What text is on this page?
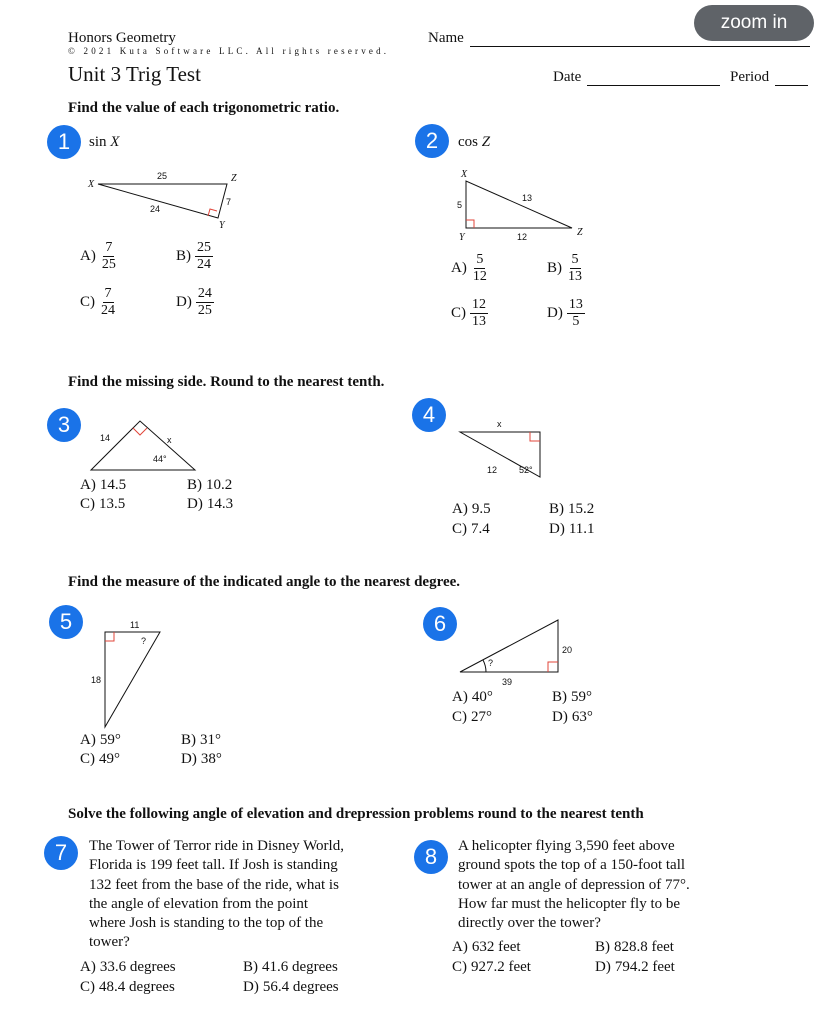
Honors Geometry
© 2021 Kuta Software LLC. All rights reserved.
Unit 3 Trig Test
Name
Date	Period
zoom in
Find the value of each trigonometric ratio.
1	sin X
X
25	Z
7
24
Y
$A) \frac{7}{25}$	$B) \frac{25}{24}$
$C) \frac{7}{24}$	$D) \frac{24}{25}$
2	cos Z
X
5
13
Z
Y	12
$A) \frac{5}{12}$	$B) \frac{5}{13}$
$C) \frac{12}{13}$	$D) \frac{13}{5}$
Find the missing side. Round to the nearest tenth.
3
14	x
44°
A) 14.5	B) 10.2
C) 13.5	D) 14.3
4	x
12 52°
A) 9.5	B) 15.2
C) 7.4	D) 11.1
Find the measure of the indicated angle to the nearest degree.
5	11
?
18
A) 59°	B) 31°
C) 49°	D) 38°
6
?
39
20
A) 40°	B) 59°
C) 27°	D) 63°
Solve the following angle of elevation and drepression problems round to the nearest tenth
7	The Tower of Terror ride in Disney World,
Florida is 199 feet tall. If Josh is standing
132 feet from the base of the ride, what is
the angle of elevation from the point
where Josh is standing to the top of the
tower?
A) 33.6 degrees	B) 41.6 degrees
C) 48.4 degrees	D) 56.4 degrees
8	A helicopter flying 3,590 feet above
ground spots the top of a 150-foot tall
tower at an angle of depression of 77°.
How far must the helicopter fly to be
directly over the tower?
A) 632 feet	B) 828.8 feet
C) 927.2 feet	D) 794.2 feet
